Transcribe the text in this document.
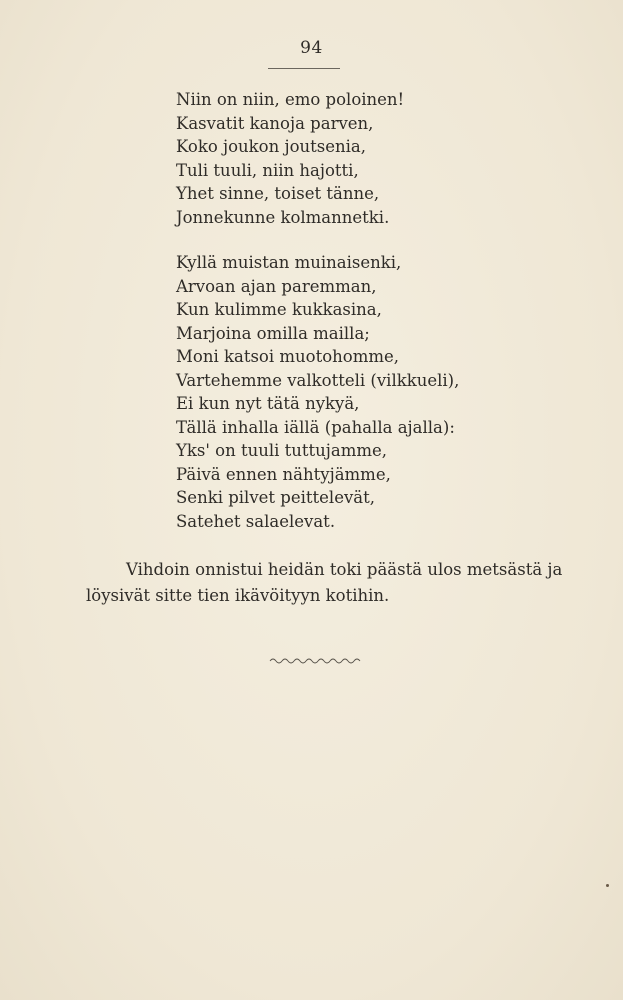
94
Niin on niin, emo poloinen!
Kasvatit kanoja parven,
Koko joukon joutsenia,
Tuli tuuli, niin hajotti,
Yhet sinne, toiset tänne,
Jonnekunne kolmannetki.
Kyllä muistan muinaisenki,
Arvoan ajan paremman,
Kun kulimme kukkasina,
Marjoina omilla mailla;
Moni katsoi muotohomme,
Vartehemme valkotteli (vilkkueli),
Ei kun nyt tätä nykyä,
Tällä inhalla iällä (pahalla ajalla):
Yks' on tuuli tuttujamme,
Päivä ennen nähtyjämme,
Senki pilvet peittelevät,
Satehet salaelevat.
Vihdoin onnistui heidän toki päästä ulos metsästä ja
löysivät sitte tien ikävöityyn kotihin.
